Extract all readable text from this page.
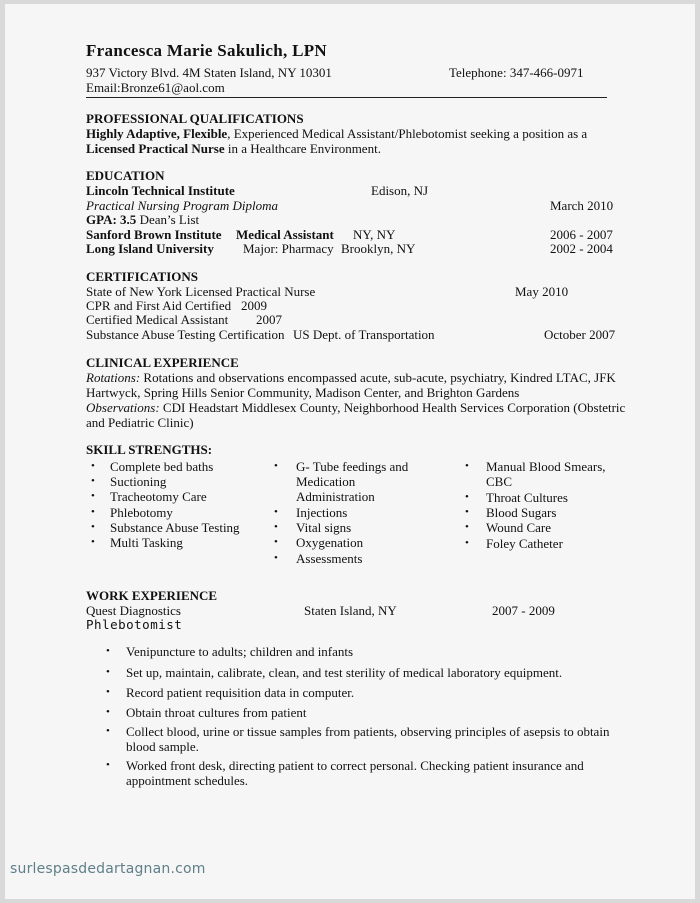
Francesca Marie Sakulich, LPN
937 Victory Blvd. 4M Staten Island, NY 10301	Telephone: 347-466-0971
Email:Bronze61@aol.com
PROFESSIONAL QUALIFICATIONS
Highly Adaptive, Flexible, Experienced Medical Assistant/Phlebotomist seeking a position as a
Licensed Practical Nurse in a Healthcare Environment.
EDUCATION
Lincoln Technical Institute	Edison, NJ
Practical Nursing Program Diploma	March 2010
GPA: 3.5 Dean’s List
Sanford Brown Institute Medical Assistant NY, NY	2006 - 2007
Long Island University Major: Pharmacy Brooklyn, NY	2002 - 2004
CERTIFICATIONS
State of New York Licensed Practical Nurse	May 2010
CPR and First Aid Certified 2009
Certified Medical Assistant 2007
Substance Abuse Testing Certification US Dept. of Transportation	October 2007
CLINICAL EXPERIENCE
Rotations: Rotations and observations encompassed acute, sub-acute, psychiatry, Kindred LTAC, JFK
Hartwyck, Spring Hills Senior Community, Madison Center, and Brighton Gardens
Observations: CDI Headstart Middlesex County, Neighborhood Health Services Corporation (Obstetric
and Pediatric Clinic)
SKILL STRENGTHS:
• Complete bed baths
• Suctioning
• Tracheotomy Care
• Phlebotomy
• Substance Abuse Testing
• Multi Tasking
• G- Tube feedings and
Medication
Administration
• Injections
• Vital signs
• Oxygenation
• Assessments
• Manual Blood Smears,
CBC
• Throat Cultures
• Blood Sugars
• Wound Care
• Foley Catheter
WORK EXPERIENCE
Quest Diagnostics	Staten Island, NY	2007 - 2009
Phlebotomist
• Venipuncture to adults; children and infants
• Set up, maintain, calibrate, clean, and test sterility of medical laboratory equipment.
• Record patient requisition data in computer.
• Obtain throat cultures from patient
• Collect blood, urine or tissue samples from patients, observing principles of asepsis to obtain
blood sample.
• Worked front desk, directing patient to correct personal. Checking patient insurance and
appointment schedules.
surlespasdedartagnan.com
